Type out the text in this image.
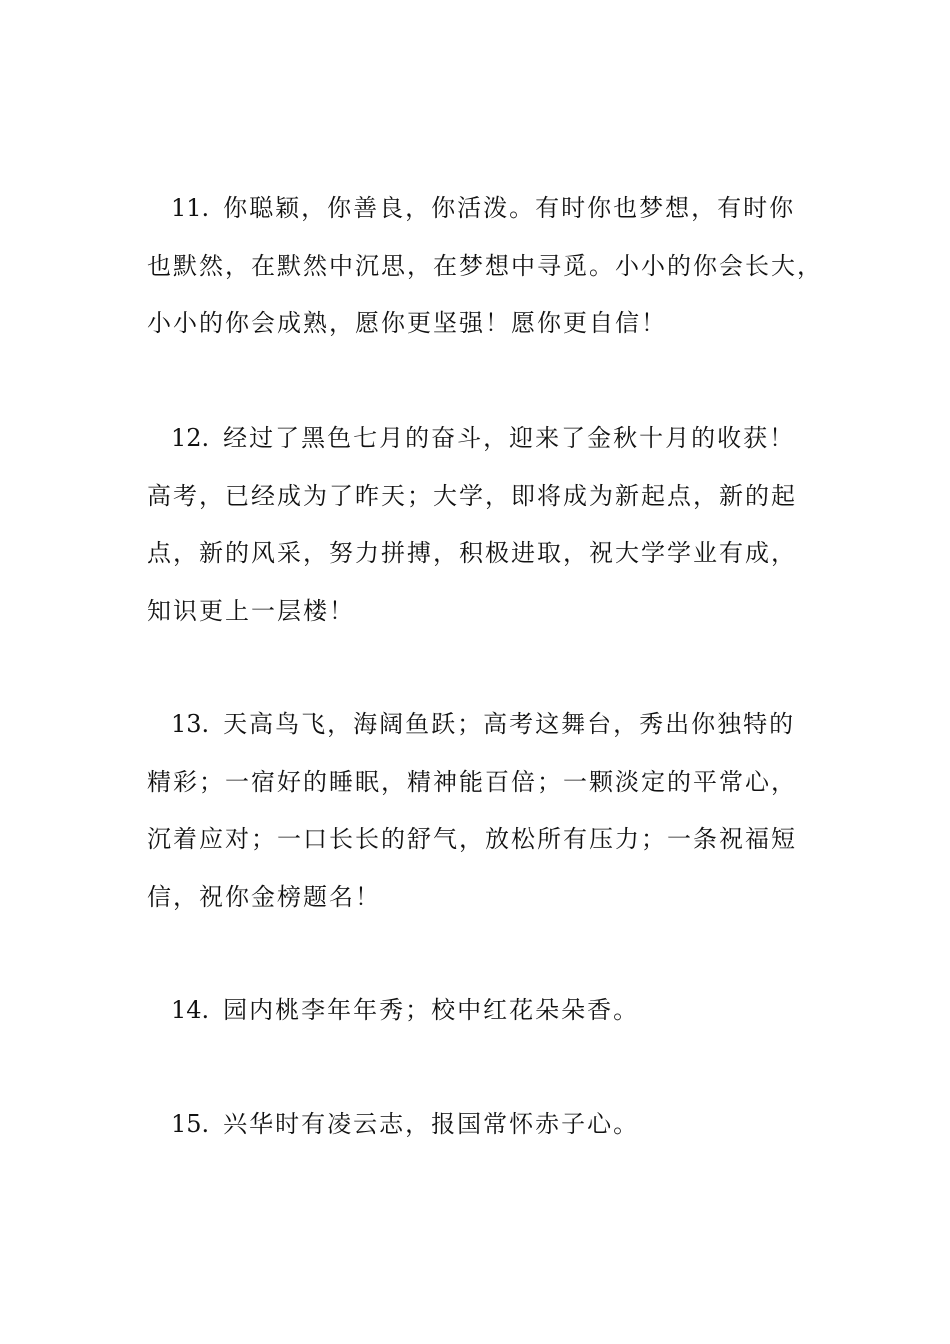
11. 你聪颖，你善良，你活泼。有时你也梦想，有时你
也默然，在默然中沉思，在梦想中寻觅。小小的你会长大，
小小的你会成熟，愿你更坚强！愿你更自信！

12. 经过了黑色七月的奋斗，迎来了金秋十月的收获！
高考，已经成为了昨天；大学，即将成为新起点，新的起
点，新的风采，努力拼搏，积极进取，祝大学学业有成，
知识更上一层楼！

13. 天高鸟飞，海阔鱼跃；高考这舞台，秀出你独特的
精彩；一宿好的睡眠，精神能百倍；一颗淡定的平常心，
沉着应对；一口长长的舒气，放松所有压力；一条祝福短
信，祝你金榜题名！

14. 园内桃李年年秀；校中红花朵朵香。

15. 兴华时有凌云志，报国常怀赤子心。
